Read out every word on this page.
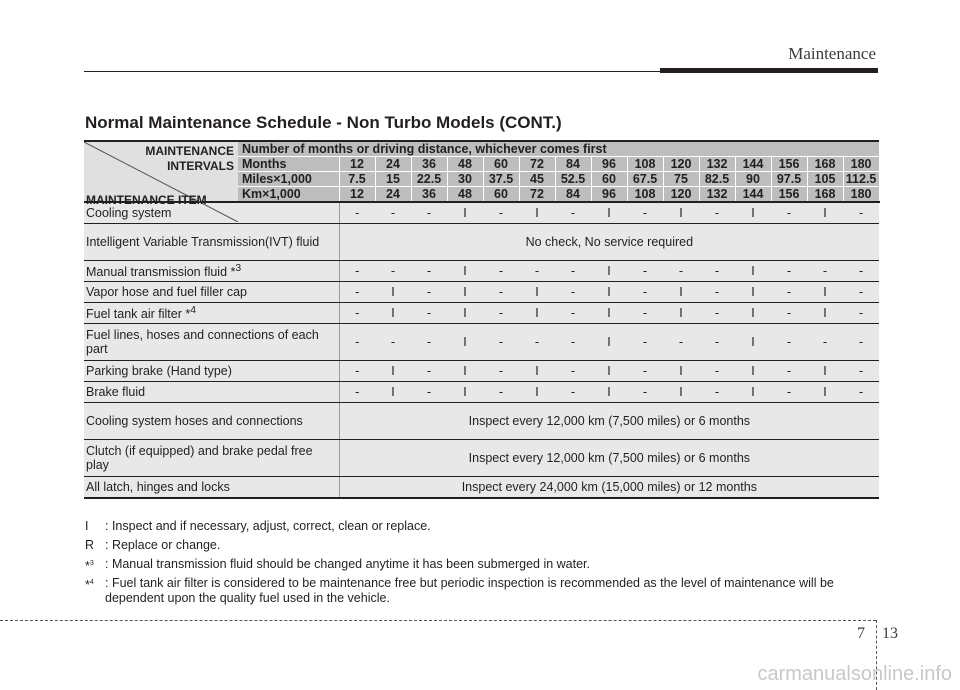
Maintenance
Normal Maintenance Schedule - Non Turbo Models (CONT.)
MAINTENANCE INTERVALS
MAINTENANCE ITEM	Number of months or driving distance, whichever comes first															
	Months	12	24	36	48	60	72	84	96	108	120	132	144	156	168	180
	Miles×1,000	7.5	15	22.5	30	37.5	45	52.5	60	67.5	75	82.5	90	97.5	105	112.5
	Km×1,000	12	24	36	48	60	72	84	96	108	120	132	144	156	168	180
Cooling system		-	-	-	I	-	I	-	I	-	I	-	I	-	I	-
Intelligent Variable Transmission(IVT) fluid		No check, No service required														
Manual transmission fluid *$^3$		-	-	-	I	-	-	-	I	-	-	-	I	-	-	-
Vapor hose and fuel filler cap		-	I	-	I	-	I	-	I	-	I	-	I	-	I	-
Fuel tank air filter *$^4$		-	I	-	I	-	I	-	I	-	I	-	I	-	I	-
Fuel lines, hoses and connections of each part		-	-	-	I	-	-	-	I	-	-	-	I	-	-	-
Parking brake (Hand type)		-	I	-	I	-	I	-	I	-	I	-	I	-	I	-
Brake fluid		-	I	-	I	-	I	-	I	-	I	-	I	-	I	-
Cooling system hoses and connections		Inspect every 12,000 km (7,500 miles) or 6 months														
Clutch (if equipped) and brake pedal free play		Inspect every 12,000 km (7,500 miles) or 6 months														
All latch, hinges and locks		Inspect every 24,000 km (15,000 miles) or 12 months														
I : Inspect and if necessary, adjust, correct, clean or replace.
R : Replace or change.
*$^3$ : Manual transmission fluid should be changed anytime it has been submerged in water.
*$^4$ : Fuel tank air filter is considered to be maintenance free but periodic inspection is recommended as the level of maintenance will be dependent upon the quality fuel used in the vehicle.
7 13
carmanualsonline.info
